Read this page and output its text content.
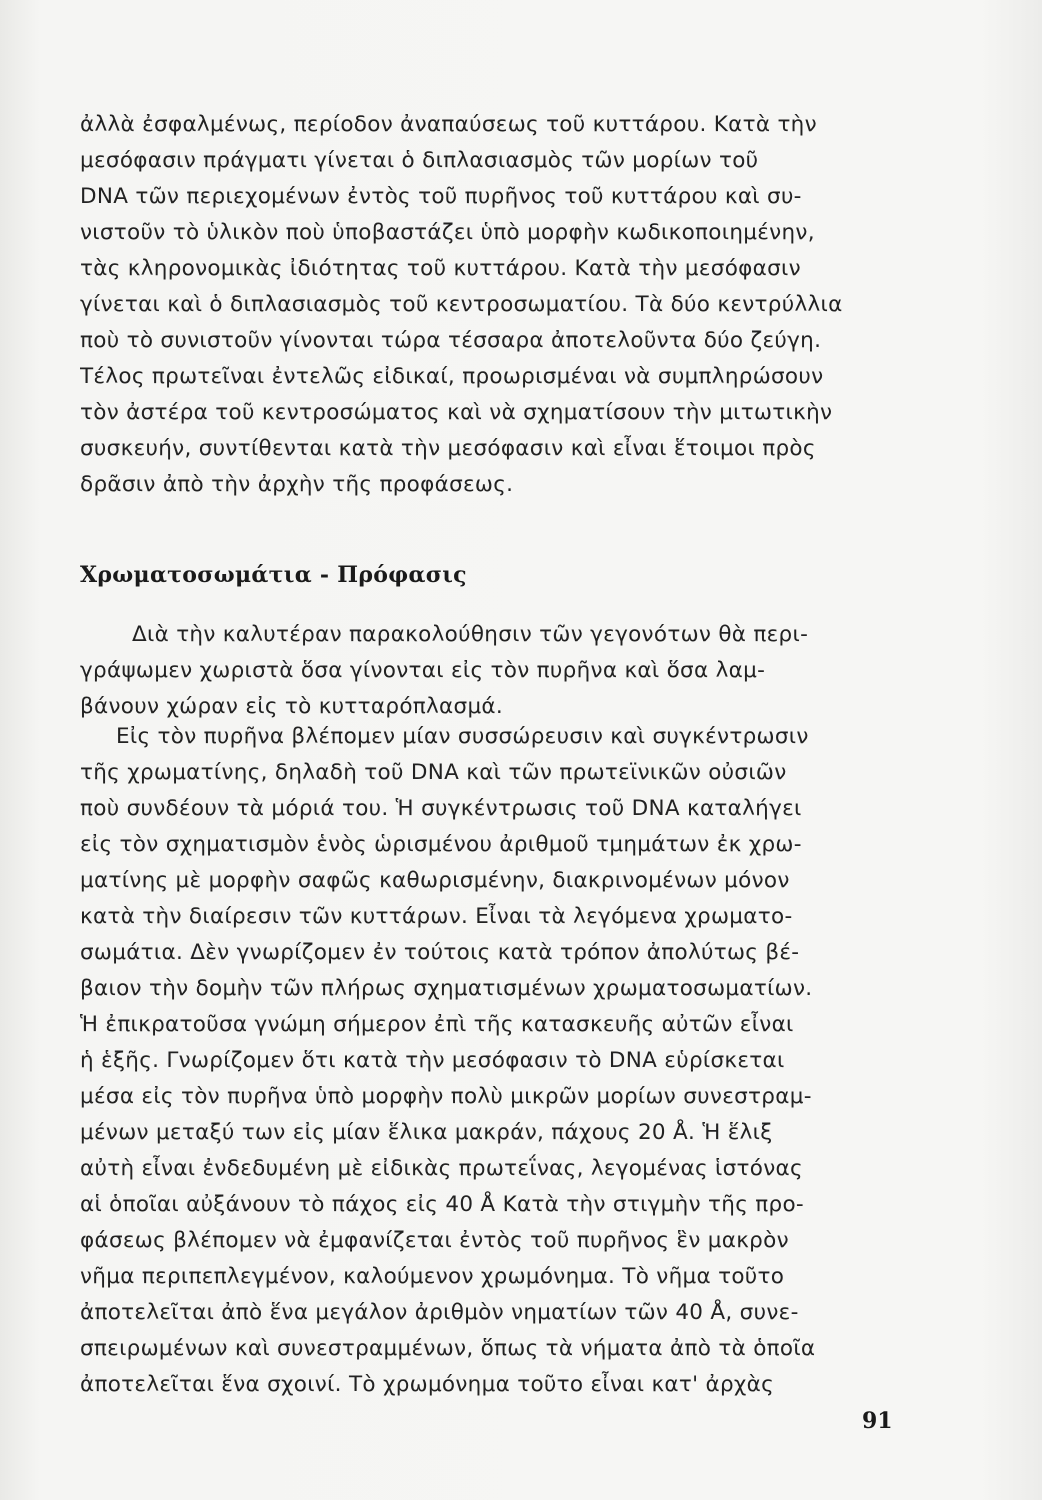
ἀλλὰ ἐσφαλμένως, περίοδον ἀναπαύσεως τοῦ κυττάρου. Κατὰ τὴν
μεσόφασιν πράγματι γίνεται ὁ διπλασιασμὸς τῶν μορίων τοῦ
DNA τῶν περιεχομένων ἐντὸς τοῦ πυρῆνος τοῦ κυττάρου καὶ συ-
νιστοῦν τὸ ὑλικὸν ποὺ ὑποβαστάζει ὑπὸ μορφὴν κωδικοποιημένην,
τὰς κληρονομικὰς ἰδιότητας τοῦ κυττάρου. Κατὰ τὴν μεσόφασιν
γίνεται καὶ ὁ διπλασιασμὸς τοῦ κεντροσωματίου. Τὰ δύο κεντρύλλια
ποὺ τὸ συνιστοῦν γίνονται τώρα τέσσαρα ἀποτελοῦντα δύο ζεύγη.
Τέλος πρωτεῖναι ἐντελῶς εἰδικαί, προωρισμέναι νὰ συμπληρώσουν
τὸν ἀστέρα τοῦ κεντροσώματος καὶ νὰ σχηματίσουν τὴν μιτωτικὴν
συσκευήν, συντίθενται κατὰ τὴν μεσόφασιν καὶ εἶναι ἕτοιμοι πρὸς
δρᾶσιν ἀπὸ τὴν ἀρχὴν τῆς προφάσεως.
Χρωματοσωμάτια - Πρόφασις
Διὰ τὴν καλυτέραν παρακολούθησιν τῶν γεγονότων θὰ περι-
γράψωμεν χωριστὰ ὅσα γίνονται εἰς τὸν πυρῆνα καὶ ὅσα λαμ-
βάνουν χώραν εἰς τὸ κυτταρόπλασμά.
Εἰς τὸν πυρῆνα βλέπομεν μίαν συσσώρευσιν καὶ συγκέντρωσιν
τῆς χρωματίνης, δηλαδὴ τοῦ DNA καὶ τῶν πρωτεϊνικῶν οὐσιῶν
ποὺ συνδέουν τὰ μόριά του. Ἡ συγκέντρωσις τοῦ DNA καταλήγει
εἰς τὸν σχηματισμὸν ἑνὸς ὡρισμένου ἀριθμοῦ τμημάτων ἐκ χρω-
ματίνης μὲ μορφὴν σαφῶς καθωρισμένην, διακρινομένων μόνον
κατὰ τὴν διαίρεσιν τῶν κυττάρων. Εἶναι τὰ λεγόμενα χρωματο-
σωμάτια. Δὲν γνωρίζομεν ἐν τούτοις κατὰ τρόπον ἀπολύτως βέ-
βαιον τὴν δομὴν τῶν πλήρως σχηματισμένων χρωματοσωματίων.
Ἡ ἐπικρατοῦσα γνώμη σήμερον ἐπὶ τῆς κατασκευῆς αὐτῶν εἶναι
ἡ ἑξῆς. Γνωρίζομεν ὅτι κατὰ τὴν μεσόφασιν τὸ DNA εὑρίσκεται
μέσα εἰς τὸν πυρῆνα ὑπὸ μορφὴν πολὺ μικρῶν μορίων συνεστραμ-
μένων μεταξύ των εἰς μίαν ἕλικα μακράν, πάχους 20 Å. Ἡ ἕλιξ
αὐτὴ εἶναι ἐνδεδυμένη μὲ εἰδικὰς πρωτεΐνας, λεγομένας ἱστόνας
αἱ ὁποῖαι αὐξάνουν τὸ πάχος εἰς 40 Å Κατὰ τὴν στιγμὴν τῆς προ-
φάσεως βλέπομεν νὰ ἐμφανίζεται ἐντὸς τοῦ πυρῆνος ἓν μακρὸν
νῆμα περιπεπλεγμένον, καλούμενον χρωμόνημα. Τὸ νῆμα τοῦτο
ἀποτελεῖται ἀπὸ ἕνα μεγάλον ἀριθμὸν νηματίων τῶν 40 Å, συνε-
σπειρωμένων καὶ συνεστραμμένων, ὅπως τὰ νήματα ἀπὸ τὰ ὁποῖα
ἀποτελεῖται ἕνα σχοινί. Τὸ χρωμόνημα τοῦτο εἶναι κατ' ἀρχὰς
91
